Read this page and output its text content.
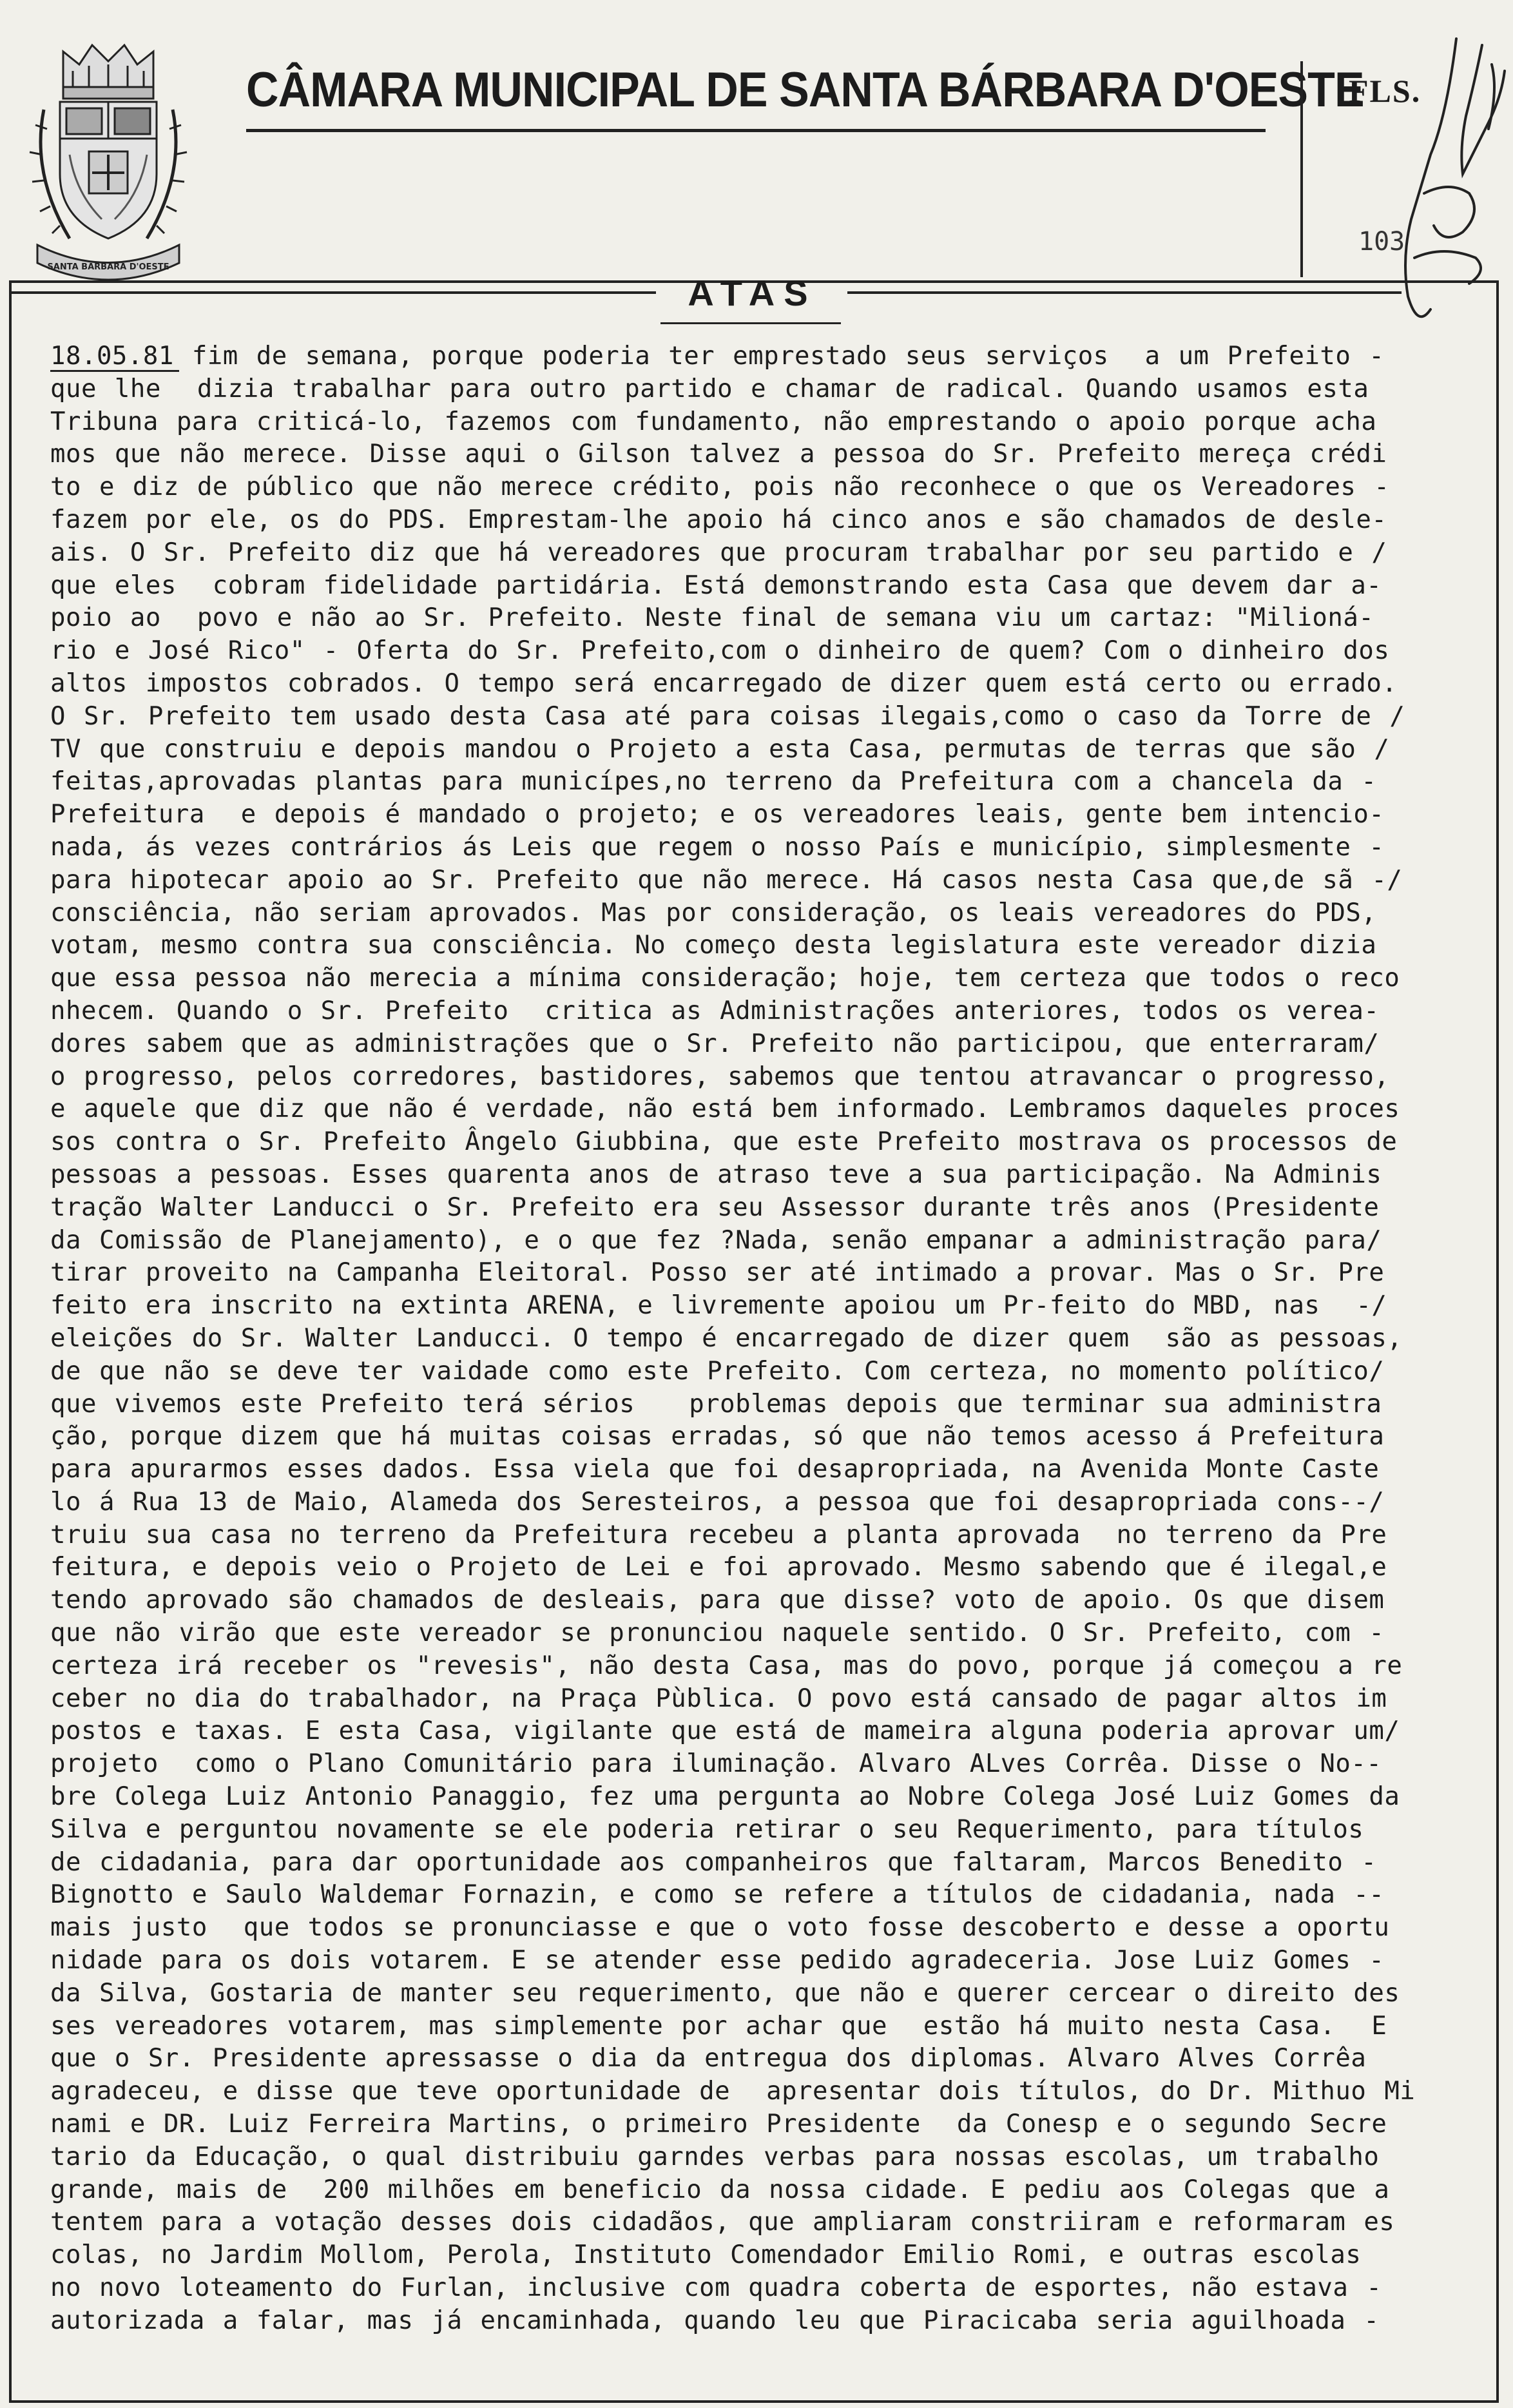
SANTA BARBARA D'OESTE
CÂMARA MUNICIPAL DE SANTA BÁRBARA D'OESTE
FLS.
103
ATAS
18.05.81 fim de semana, porque poderia ter emprestado seus serviços  a um Prefeito -
que lhe  dizia trabalhar para outro partido e chamar de radical. Quando usamos esta
Tribuna para criticá-lo, fazemos com fundamento, não emprestando o apoio porque acha
mos que não merece. Disse aqui o Gilson talvez a pessoa do Sr. Prefeito mereça crédi
to e diz de público que não merece crédito, pois não reconhece o que os Vereadores -
fazem por ele, os do PDS. Emprestam-lhe apoio há cinco anos e são chamados de desle-
ais. O Sr. Prefeito diz que há vereadores que procuram trabalhar por seu partido e /
que eles  cobram fidelidade partidária. Está demonstrando esta Casa que devem dar a-
poio ao  povo e não ao Sr. Prefeito. Neste final de semana viu um cartaz: "Milioná-
rio e José Rico" - Oferta do Sr. Prefeito,com o dinheiro de quem? Com o dinheiro dos
altos impostos cobrados. O tempo será encarregado de dizer quem está certo ou errado.
O Sr. Prefeito tem usado desta Casa até para coisas ilegais,como o caso da Torre de /
TV que construiu e depois mandou o Projeto a esta Casa, permutas de terras que são /
feitas,aprovadas plantas para municípes,no terreno da Prefeitura com a chancela da -
Prefeitura  e depois é mandado o projeto; e os vereadores leais, gente bem intencio-
nada, ás vezes contrários ás Leis que regem o nosso País e município, simplesmente -
para hipotecar apoio ao Sr. Prefeito que não merece. Há casos nesta Casa que,de sã -/
consciência, não seriam aprovados. Mas por consideração, os leais vereadores do PDS,
votam, mesmo contra sua consciência. No começo desta legislatura este vereador dizia
que essa pessoa não merecia a mínima consideração; hoje, tem certeza que todos o reco
nhecem. Quando o Sr. Prefeito  critica as Administrações anteriores, todos os verea-
dores sabem que as administrações que o Sr. Prefeito não participou, que enterraram/
o progresso, pelos corredores, bastidores, sabemos que tentou atravancar o progresso,
e aquele que diz que não é verdade, não está bem informado. Lembramos daqueles proces
sos contra o Sr. Prefeito Ângelo Giubbina, que este Prefeito mostrava os processos de
pessoas a pessoas. Esses quarenta anos de atraso teve a sua participação. Na Adminis
tração Walter Landucci o Sr. Prefeito era seu Assessor durante três anos (Presidente
da Comissão de Planejamento), e o que fez ?Nada, senão empanar a administração para/
tirar proveito na Campanha Eleitoral. Posso ser até intimado a provar. Mas o Sr. Pre
feito era inscrito na extinta ARENA, e livremente apoiou um Pr-feito do MBD, nas  -/
eleições do Sr. Walter Landucci. O tempo é encarregado de dizer quem  são as pessoas,
de que não se deve ter vaidade como este Prefeito. Com certeza, no momento político/
que vivemos este Prefeito terá sérios   problemas depois que terminar sua administra
ção, porque dizem que há muitas coisas erradas, só que não temos acesso á Prefeitura
para apurarmos esses dados. Essa viela que foi desapropriada, na Avenida Monte Caste
lo á Rua 13 de Maio, Alameda dos Seresteiros, a pessoa que foi desapropriada cons--/
truiu sua casa no terreno da Prefeitura recebeu a planta aprovada  no terreno da Pre
feitura, e depois veio o Projeto de Lei e foi aprovado. Mesmo sabendo que é ilegal,e
tendo aprovado são chamados de desleais, para que disse? voto de apoio. Os que disem
que não virão que este vereador se pronunciou naquele sentido. O Sr. Prefeito, com -
certeza irá receber os "revesis", não desta Casa, mas do povo, porque já começou a re
ceber no dia do trabalhador, na Praça Pùblica. O povo está cansado de pagar altos im
postos e taxas. E esta Casa, vigilante que está de mameira alguna poderia aprovar um/
projeto  como o Plano Comunitário para iluminação. Alvaro ALves Corrêa. Disse o No--
bre Colega Luiz Antonio Panaggio, fez uma pergunta ao Nobre Colega José Luiz Gomes da
Silva e perguntou novamente se ele poderia retirar o seu Requerimento, para títulos
de cidadania, para dar oportunidade aos companheiros que faltaram, Marcos Benedito -
Bignotto e Saulo Waldemar Fornazin, e como se refere a títulos de cidadania, nada --
mais justo  que todos se pronunciasse e que o voto fosse descoberto e desse a oportu
nidade para os dois votarem. E se atender esse pedido agradeceria. Jose Luiz Gomes -
da Silva, Gostaria de manter seu requerimento, que não e querer cercear o direito des
ses vereadores votarem, mas simplemente por achar que  estão há muito nesta Casa.  E
que o Sr. Presidente apressasse o dia da entregua dos diplomas. Alvaro Alves Corrêa
agradeceu, e disse que teve oportunidade de  apresentar dois títulos, do Dr. Mithuo Mi
nami e DR. Luiz Ferreira Martins, o primeiro Presidente  da Conesp e o segundo Secre
tario da Educação, o qual distribuiu garndes verbas para nossas escolas, um trabalho
grande, mais de  200 milhões em beneficio da nossa cidade. E pediu aos Colegas que a
tentem para a votação desses dois cidadãos, que ampliaram constriiram e reformaram es
colas, no Jardim Mollom, Perola, Instituto Comendador Emilio Romi, e outras escolas
no novo loteamento do Furlan, inclusive com quadra coberta de esportes, não estava -
autorizada a falar, mas já encaminhada, quando leu que Piracicaba seria aguilhoada -
